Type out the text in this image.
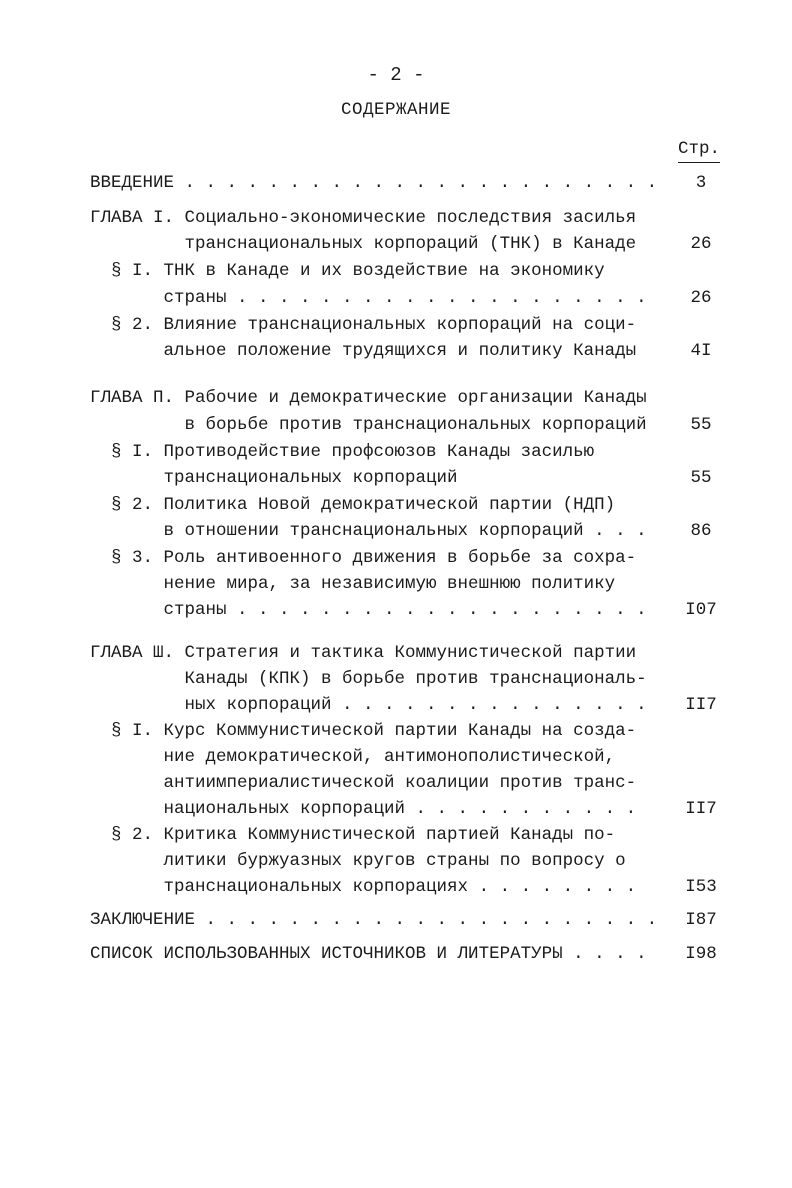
- 2 -
СОДЕРЖАНИЕ
Стр.
ВВЕДЕНИЕ . . . . . . . . . . . . . . . . . . . . . . .	3
ГЛАВА I. Социально-экономические последствия засилья
транснациональных корпораций (ТНК) в Канаде	26
§ I. ТНК в Канаде и их воздействие на экономику
страны . . . . . . . . . . . . . . . . . . . .	26
§ 2. Влияние транснациональных корпораций на соци-
альное положение трудящихся и политику Канады	4I
ГЛАВА П. Рабочие и демократические организации Канады
в борьбе против транснациональных корпораций	55
§ I. Противодействие профсоюзов Канады засилью
транснациональных корпораций	55
§ 2. Политика Новой демократической партии (НДП)
в отношении транснациональных корпораций . . .	86
§ 3. Роль антивоенного движения в борьбе за сохра-
нение мира, за независимую внешнюю политику
страны . . . . . . . . . . . . . . . . . . . .	I07
ГЛАВА Ш. Стратегия и тактика Коммунистической партии
Канады (КПК) в борьбе против транснациональ-
ных корпораций . . . . . . . . . . . . . . .	II7
§ I. Курс Коммунистической партии Канады на созда-
ние демократической, антимонополистической,
антиимпериалистической коалиции против транс-
национальных корпораций . . . . . . . . . . .	II7
§ 2. Критика Коммунистической партией Канады по-
литики буржуазных кругов страны по вопросу о
транснациональных корпорациях . . . . . . . .	I53
ЗАКЛЮЧЕНИЕ . . . . . . . . . . . . . . . . . . . . . .	I87
СПИСОК ИСПОЛЬЗОВАННЫХ ИСТОЧНИКОВ И ЛИТЕРАТУРЫ . . . .	I98
